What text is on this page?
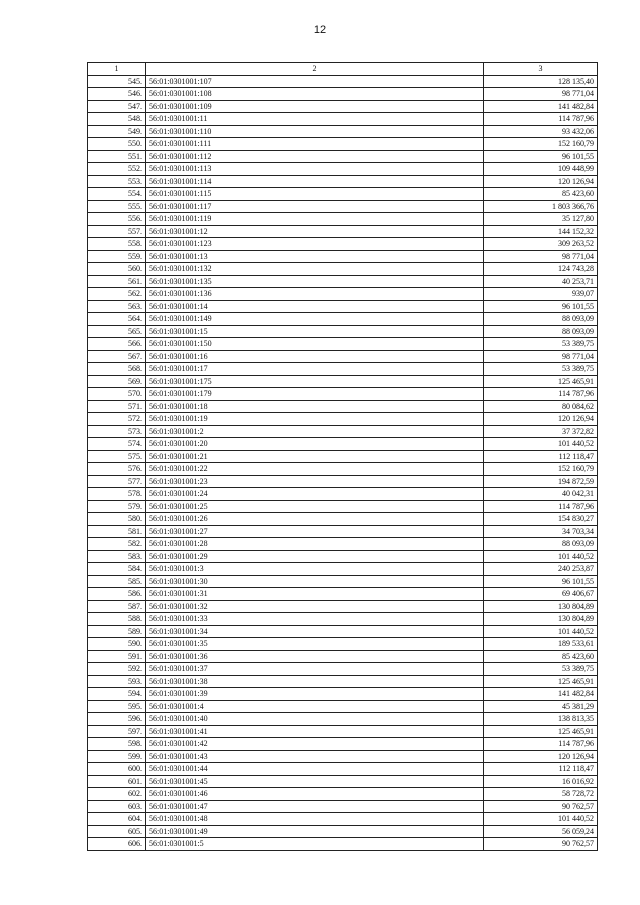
12
1	2	3
545.	56:01:0301001:107	128 135,40
546.	56:01:0301001:108	98 771,04
547.	56:01:0301001:109	141 482,84
548.	56:01:0301001:11	114 787,96
549.	56:01:0301001:110	93 432,06
550.	56:01:0301001:111	152 160,79
551.	56:01:0301001:112	96 101,55
552.	56:01:0301001:113	109 448,99
553.	56:01:0301001:114	120 126,94
554.	56:01:0301001:115	85 423,60
555.	56:01:0301001:117	1 803 366,76
556.	56:01:0301001:119	35 127,80
557.	56:01:0301001:12	144 152,32
558.	56:01:0301001:123	309 263,52
559.	56:01:0301001:13	98 771,04
560.	56:01:0301001:132	124 743,28
561.	56:01:0301001:135	40 253,71
562.	56:01:0301001:136	939,07
563.	56:01:0301001:14	96 101,55
564.	56:01:0301001:149	88 093,09
565.	56:01:0301001:15	88 093,09
566.	56:01:0301001:150	53 389,75
567.	56:01:0301001:16	98 771,04
568.	56:01:0301001:17	53 389,75
569.	56:01:0301001:175	125 465,91
570.	56:01:0301001:179	114 787,96
571.	56:01:0301001:18	80 084,62
572.	56:01:0301001:19	120 126,94
573.	56:01:0301001:2	37 372,82
574.	56:01:0301001:20	101 440,52
575.	56:01:0301001:21	112 118,47
576.	56:01:0301001:22	152 160,79
577.	56:01:0301001:23	194 872,59
578.	56:01:0301001:24	40 042,31
579.	56:01:0301001:25	114 787,96
580.	56:01:0301001:26	154 830,27
581.	56:01:0301001:27	34 703,34
582.	56:01:0301001:28	88 093,09
583.	56:01:0301001:29	101 440,52
584.	56:01:0301001:3	240 253,87
585.	56:01:0301001:30	96 101,55
586.	56:01:0301001:31	69 406,67
587.	56:01:0301001:32	130 804,89
588.	56:01:0301001:33	130 804,89
589.	56:01:0301001:34	101 440,52
590.	56:01:0301001:35	189 533,61
591.	56:01:0301001:36	85 423,60
592.	56:01:0301001:37	53 389,75
593.	56:01:0301001:38	125 465,91
594.	56:01:0301001:39	141 482,84
595.	56:01:0301001:4	45 381,29
596.	56:01:0301001:40	138 813,35
597.	56:01:0301001:41	125 465,91
598.	56:01:0301001:42	114 787,96
599.	56:01:0301001:43	120 126,94
600.	56:01:0301001:44	112 118,47
601.	56:01:0301001:45	16 016,92
602.	56:01:0301001:46	58 728,72
603.	56:01:0301001:47	90 762,57
604.	56:01:0301001:48	101 440,52
605.	56:01:0301001:49	56 059,24
606.	56:01:0301001:5	90 762,57
